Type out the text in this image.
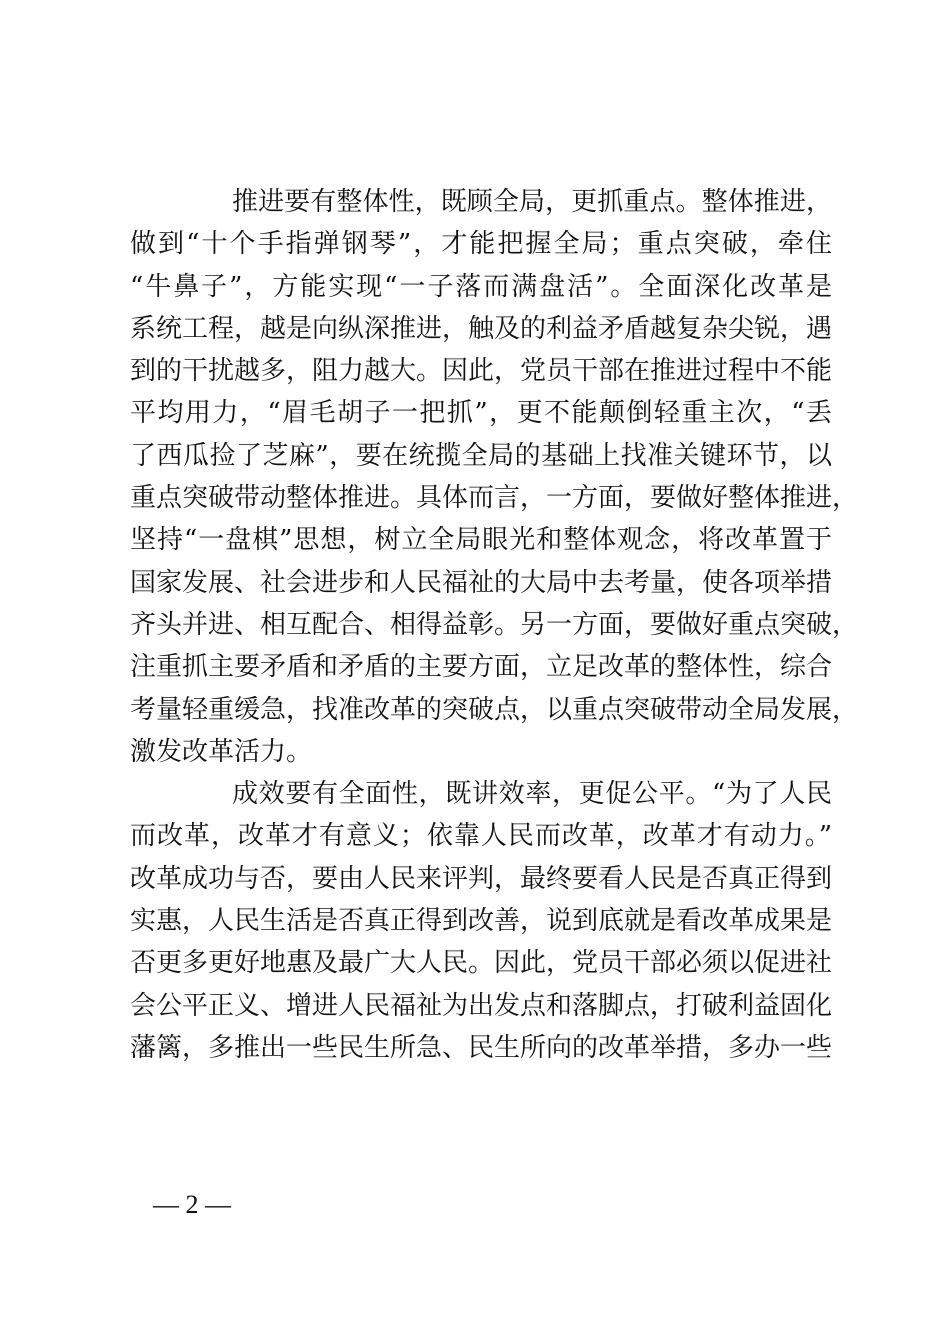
推进要有整体性，既顾全局，更抓重点。整体推进，
做到“十个手指弹钢琴”，才能把握全局；重点突破，牵住
“牛鼻子”，方能实现“一子落而满盘活”。全面深化改革是
系统工程，越是向纵深推进，触及的利益矛盾越复杂尖锐，遇
到的干扰越多，阻力越大。因此，党员干部在推进过程中不能
平均用力，“眉毛胡子一把抓”，更不能颠倒轻重主次，“丢
了西瓜捡了芝麻”，要在统揽全局的基础上找准关键环节，以
重点突破带动整体推进。具体而言，一方面，要做好整体推进，
坚持“一盘棋”思想，树立全局眼光和整体观念，将改革置于
国家发展、社会进步和人民福祉的大局中去考量，使各项举措
齐头并进、相互配合、相得益彰。另一方面，要做好重点突破，
注重抓主要矛盾和矛盾的主要方面，立足改革的整体性，综合
考量轻重缓急，找准改革的突破点，以重点突破带动全局发展，
激发改革活力。
成效要有全面性，既讲效率，更促公平。“为了人民
而改革，改革才有意义；依靠人民而改革，改革才有动力。”
改革成功与否，要由人民来评判，最终要看人民是否真正得到
实惠，人民生活是否真正得到改善，说到底就是看改革成果是
否更多更好地惠及最广大人民。因此，党员干部必须以促进社
会公平正义、增进人民福祉为出发点和落脚点，打破利益固化
藩篱，多推出一些民生所急、民生所向的改革举措，多办一些
— 2 —
